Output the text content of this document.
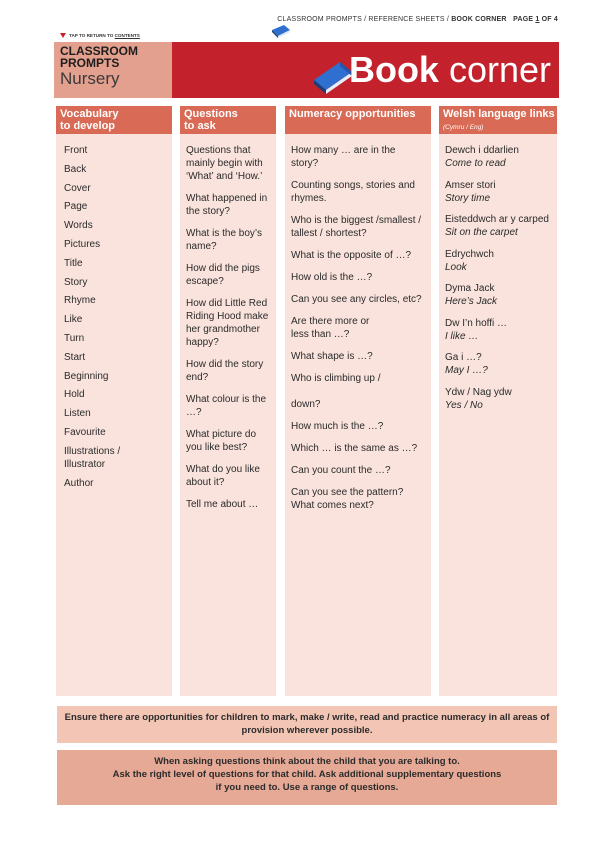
CLASSROOM PROMPTS / REFERENCE SHEETS / BOOK CORNER PAGE 1 OF 4
TAP TO RETURN TO CONTENTS
CLASSROOM
PROMPTS
Nursery	Book corner
Vocabulary
to develop
Front
Back
Cover
Page
Words
Pictures
Title
Story
Rhyme
Like
Turn
Start
Beginning
Hold
Listen
Favourite
Illustrations /
Illustrator
Author
Questions
to ask
Questions that mainly begin with ‘What’ and ‘How.’
What happened in the story?
What is the boy’s name?
How did the pigs escape?
How did Little Red Riding Hood make her grandmother happy?
How did the story end?
What colour is the …?
What picture do you like best?
What do you like about it?
Tell me about …
Numeracy opportunities
How many … are in the story?
Counting songs, stories and rhymes.
Who is the biggest /smallest / tallest / shortest?
What is the opposite of …?
How old is the …?
Can you see any circles, etc?
Are there more or
less than …?
What shape is …?
Who is climbing up /

down?
How much is the …?
Which … is the same as …?
Can you count the …?
Can you see the pattern? What comes next?
Welsh language links
(Cymru / Eng)
Dewch i ddarlien
Come to read
Amser stori
Story time
Eisteddwch ar y carped
Sit on the carpet
Edrychwch
Look
Dyma Jack
Here’s Jack
Dw I’n hoffi …
I like …
Ga i …?
May I …?
Ydw / Nag ydw
Yes / No
Ensure there are opportunities for children to mark, make / write, read and practice numeracy in all areas of provision wherever possible.
When asking questions think about the child that you are talking to.
Ask the right level of questions for that child. Ask additional supplementary questions
if you need to. Use a range of questions.
